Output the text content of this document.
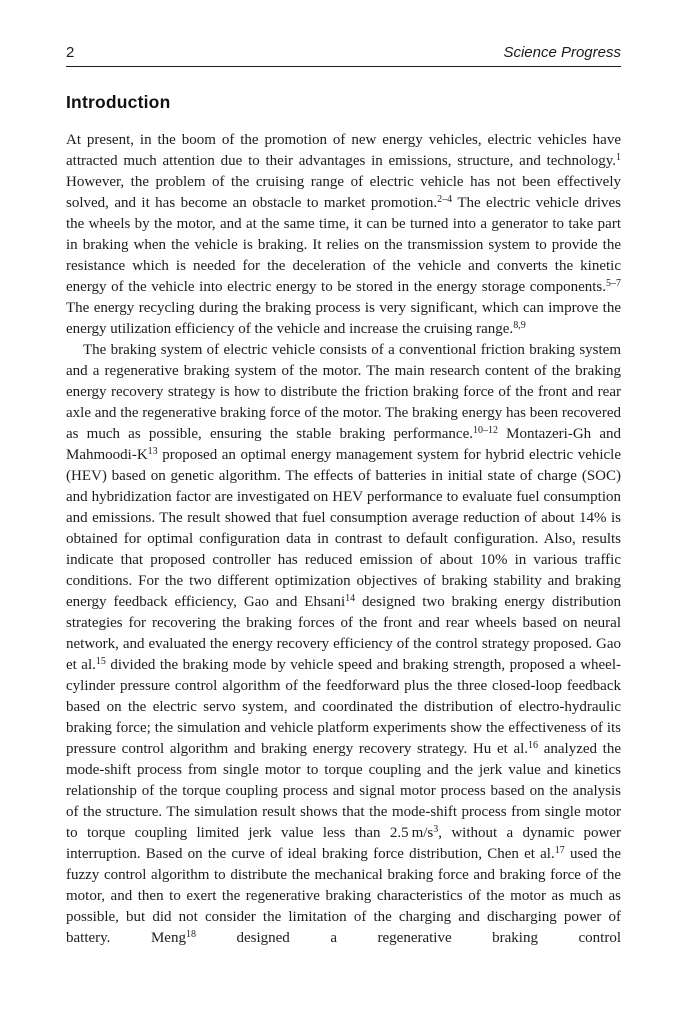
2	Science Progress
Introduction

At present, in the boom of the promotion of new energy vehicles, electric vehicles have attracted much attention due to their advantages in emissions, structure, and technology.$^1$ However, the problem of the cruising range of electric vehicle has not been effectively solved, and it has become an obstacle to market promotion.$^{2-4}$ The electric vehicle drives the wheels by the motor, and at the same time, it can be turned into a generator to take part in braking when the vehicle is braking. It relies on the transmission system to provide the resistance which is needed for the deceleration of the vehicle and converts the kinetic energy of the vehicle into electric energy to be stored in the energy storage components.$^{5-7}$ The energy recycling during the braking process is very significant, which can improve the energy utilization efficiency of the vehicle and increase the cruising range.$^{8,9}$

The braking system of electric vehicle consists of a conventional friction braking system and a regenerative braking system of the motor. The main research content of the braking energy recovery strategy is how to distribute the friction braking force of the front and rear axle and the regenerative braking force of the motor. The braking energy has been recovered as much as possible, ensuring the stable braking performance.$^{10-12}$ Montazeri-Gh and Mahmoodi-$K^{13}$ proposed an optimal energy management system for hybrid electric vehicle (HEV) based on genetic algorithm. The effects of batteries in initial state of charge (SOC) and hybridization factor are investigated on HEV performance to evaluate fuel consumption and emissions. The result showed that fuel consumption average reduction of about 14% is obtained for optimal configuration data in contrast to default configuration. Also, results indicate that proposed controller has reduced emission of about 10% in various traffic conditions. For the two different optimization objectives of braking stability and braking energy feedback efficiency, Gao and Ehsani$^{14}$ designed two braking energy distribution strategies for recovering the braking forces of the front and rear wheels based on neural network, and evaluated the energy recovery efficiency of the control strategy proposed. Gao et al.$^{15}$ divided the braking mode by vehicle speed and braking strength, proposed a wheel-cylinder pressure control algorithm of the feedforward plus the three closed-loop feedback based on the electric servo system, and coordinated the distribution of electro-hydraulic braking force; the simulation and vehicle platform experiments show the effectiveness of its pressure control algorithm and braking energy recovery strategy. Hu et al.$^{16}$ analyzed the mode-shift process from single motor to torque coupling and the jerk value and kinetics relationship of the torque coupling process and signal motor process based on the analysis of the structure. The simulation result shows that the mode-shift process from single motor to torque coupling limited jerk value less than 2.5 $m/s^3$, without a dynamic power interruption. Based on the curve of ideal braking force distribution, Chen et al.$^{17}$ used the fuzzy control algorithm to distribute the mechanical braking force and braking force of the motor, and then to exert the regenerative braking characteristics of the motor as much as possible, but did not consider the limitation of the charging and discharging power of battery. Meng$^{18}$ designed a regenerative braking control
